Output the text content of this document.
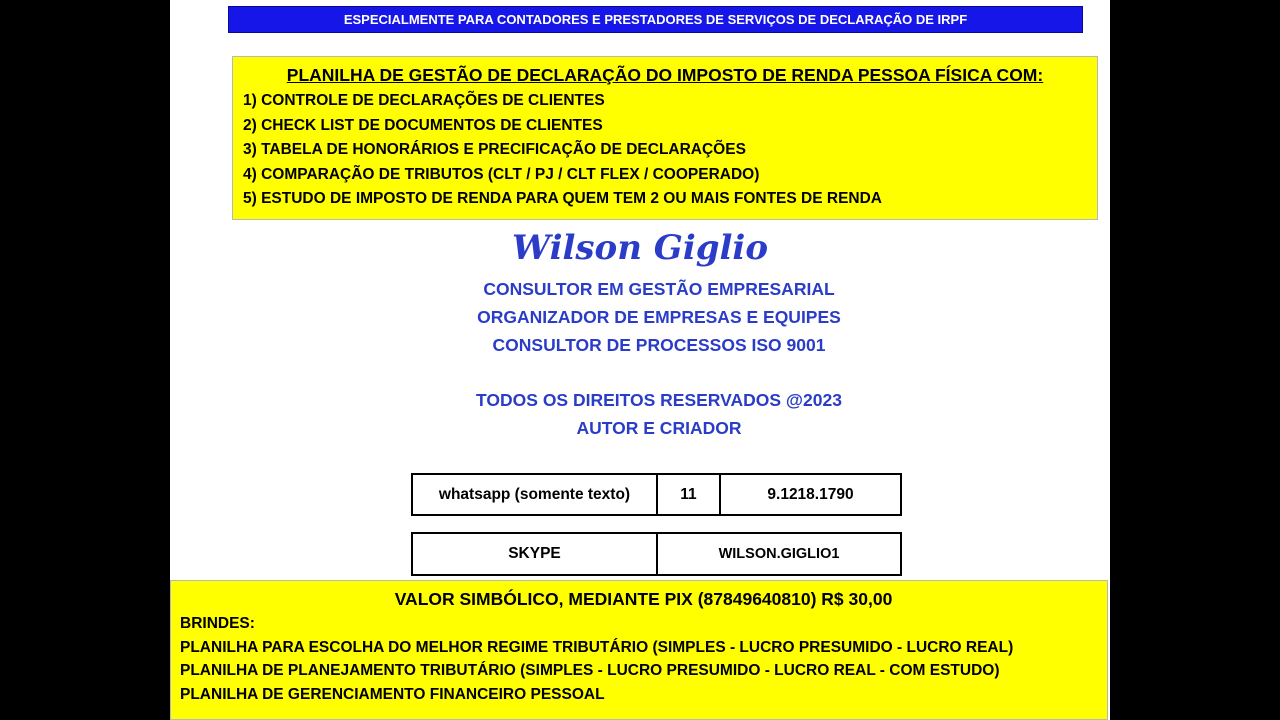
ESPECIALMENTE PARA CONTADORES E PRESTADORES DE SERVIÇOS DE DECLARAÇÃO DE IRPF
PLANILHA DE GESTÃO DE DECLARAÇÃO DO IMPOSTO DE RENDA PESSOA FÍSICA COM:
1) CONTROLE DE DECLARAÇÕES DE CLIENTES
2) CHECK LIST DE DOCUMENTOS DE CLIENTES
3) TABELA DE HONORÁRIOS E PRECIFICAÇÃO DE DECLARAÇÕES
4) COMPARAÇÃO DE TRIBUTOS (CLT / PJ / CLT FLEX / COOPERADO)
5) ESTUDO DE IMPOSTO DE RENDA PARA QUEM TEM 2 OU MAIS FONTES DE RENDA
Wilson Giglio
CONSULTOR EM GESTÃO EMPRESARIAL
ORGANIZADOR DE EMPRESAS E EQUIPES
CONSULTOR DE PROCESSOS ISO 9001
TODOS OS DIREITOS RESERVADOS @2023
AUTOR E CRIADOR
whatsapp (somente texto)	11	9.1218.1790
SKYPE	WILSON.GIGLIO1
VALOR SIMBÓLICO, MEDIANTE PIX (87849640810) R$ 30,00
BRINDES:
PLANILHA PARA ESCOLHA DO MELHOR REGIME TRIBUTÁRIO (SIMPLES - LUCRO PRESUMIDO - LUCRO REAL)
PLANILHA DE PLANEJAMENTO TRIBUTÁRIO (SIMPLES - LUCRO PRESUMIDO - LUCRO REAL - COM ESTUDO)
PLANILHA DE GERENCIAMENTO FINANCEIRO PESSOAL
